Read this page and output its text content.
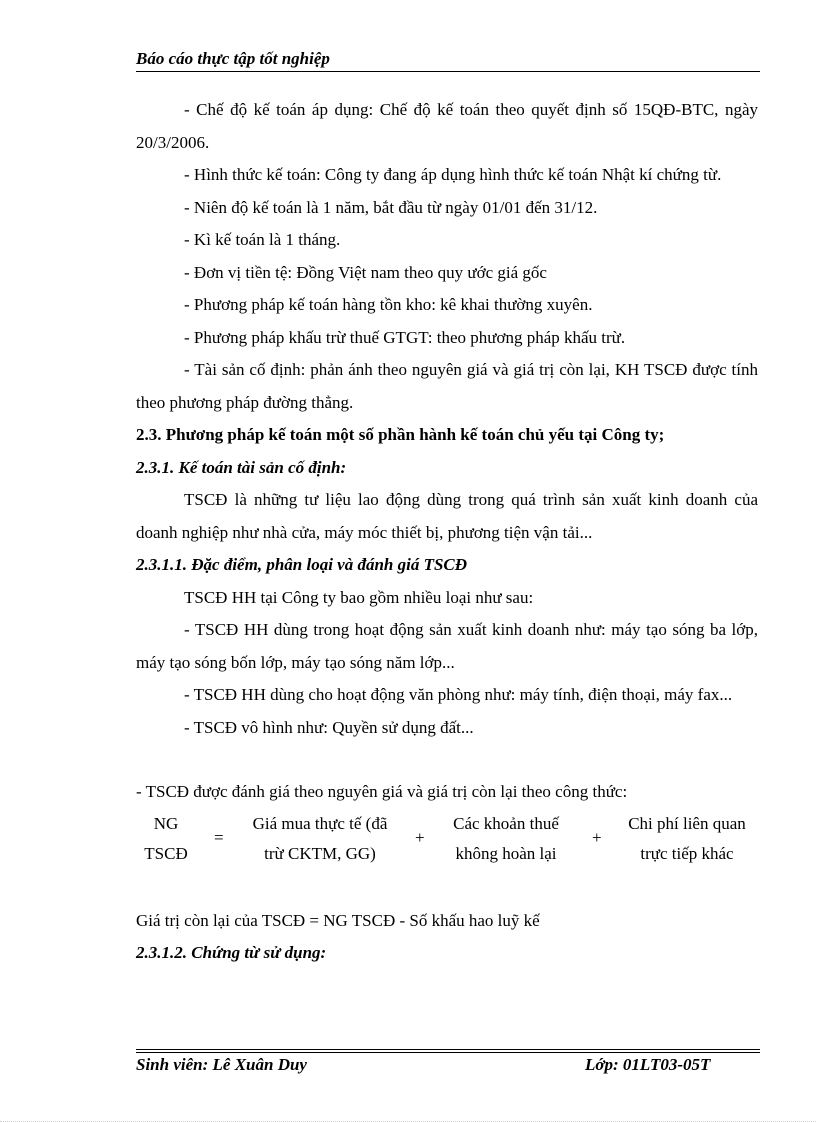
Báo cáo thực tập tốt nghiệp

- Chế độ kế toán áp dụng: Chế độ kế toán theo quyết định số 15QĐ-BTC, ngày 20/3/2006.

- Hình thức kế toán: Công ty đang áp dụng hình thức kế toán Nhật kí chứng từ.

- Niên độ kế toán là 1 năm, bắt đầu từ ngày 01/01 đến 31/12.

- Kì kế toán là 1 tháng.

- Đơn vị tiền tệ: Đồng Việt nam theo quy ước giá gốc

- Phương pháp kế toán hàng tồn kho: kê khai thường xuyên.

- Phương pháp khấu trừ thuế GTGT: theo phương pháp khấu trừ.

- Tài sản cố định: phản ánh theo nguyên giá và giá trị còn lại, KH TSCĐ được tính theo phương pháp đường thẳng.

2.3. Phương pháp kế toán một số phần hành kế toán chủ yếu tại Công ty;

2.3.1. Kế toán tài sản cố định:

TSCĐ là những tư liệu lao động dùng trong quá trình sản xuất kinh doanh của doanh nghiệp như nhà cửa, máy móc thiết bị, phương tiện vận tải...

2.3.1.1. Đặc điểm, phân loại và đánh giá TSCĐ

TSCĐ HH tại Công ty bao gồm nhiều loại như sau:

- TSCĐ HH dùng trong hoạt động sản xuất kinh doanh như: máy tạo sóng ba lớp, máy tạo sóng bốn lớp, máy tạo sóng năm lớp...

- TSCĐ HH dùng cho hoạt động văn phòng như: máy tính, điện thoại, máy fax...

- TSCĐ vô hình như: Quyền sử dụng đất...

- TSCĐ được đánh giá theo nguyên giá và giá trị còn lại theo công thức:

NG
TSCĐ
=
Giá mua thực tế (đã
trừ CKTM, GG)
+
Các khoản thuế
không hoàn lại
+
Chi phí liên quan
trực tiếp khác

Giá trị còn lại của TSCĐ = NG TSCĐ - Số khấu hao luỹ kế

2.3.1.2. Chứng từ sử dụng:

Sinh viên: Lê Xuân Duy	Lớp: 01LT03-05T
